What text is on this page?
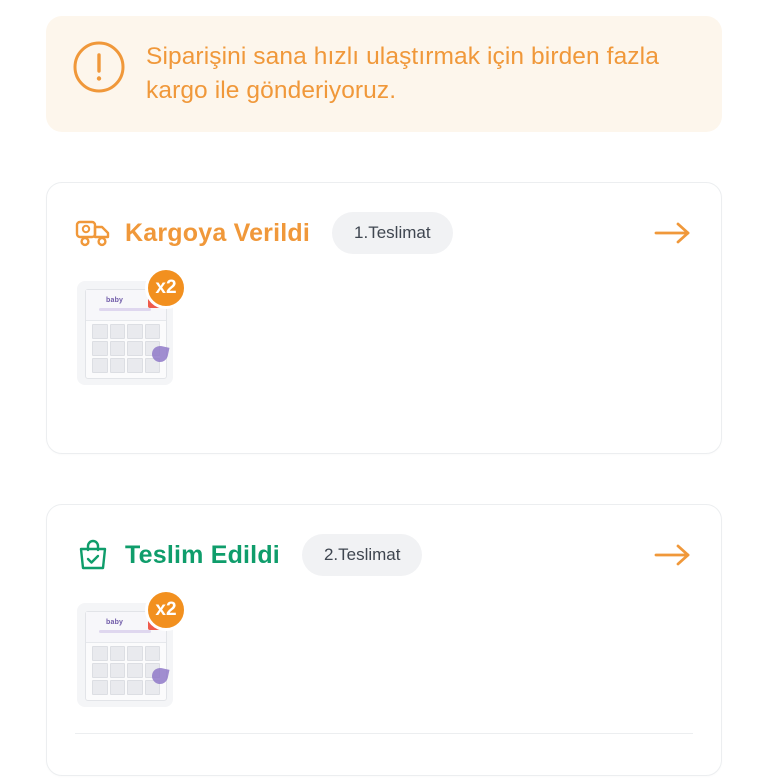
Siparişini sana hızlı ulaştırmak için birden fazla kargo ile gönderiyoruz.
Kargoya Verildi	1.Teslimat
baby
x2
Teslim Edildi	2.Teslimat
baby
x2
